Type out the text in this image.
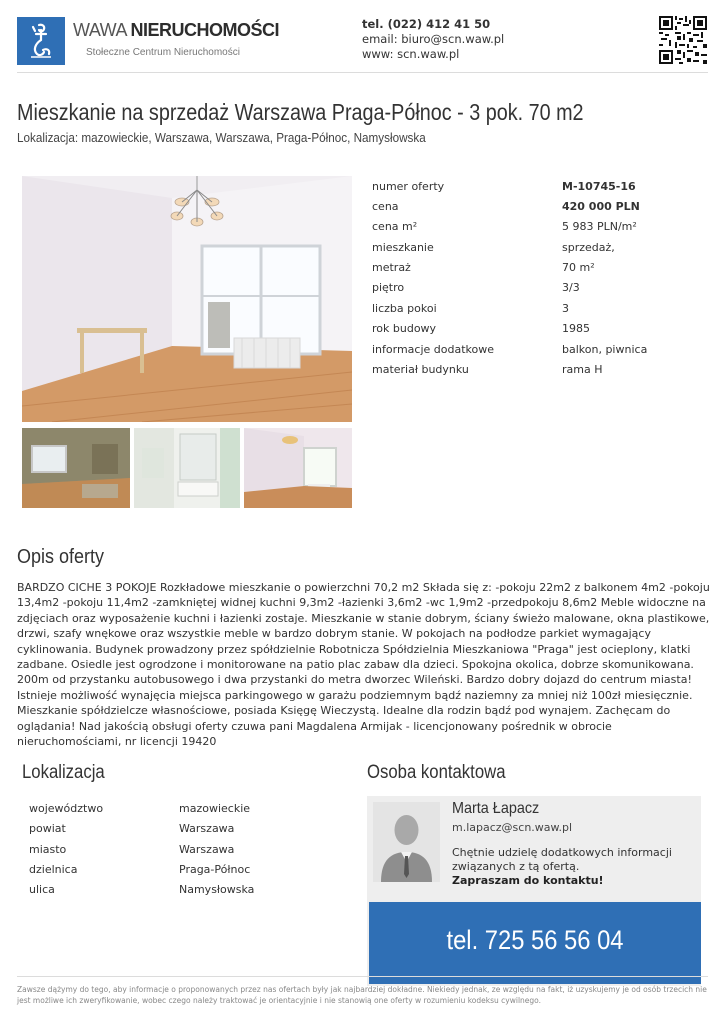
WAWA NIERUCHOMOŚCI
Stołeczne Centrum Nieruchomości
tel. (022) 412 41 50
email: biuro@scn.waw.pl
www: scn.waw.pl
Mieszkanie na sprzedaż Warszawa Praga-Północ - 3 pok. 70 m2
Lokalizacja: mazowieckie, Warszawa, Warszawa, Praga-Północ, Namysłowska
numer oferty	M-10745-16
cena	420 000 PLN
cena m²	5 983 PLN/m²
mieszkanie	sprzedaż,
metraż	70 m²
piętro	3/3
liczba pokoi	3
rok budowy	1985
informacje dodatkowe	balkon, piwnica
materiał budynku	rama H
Opis oferty
BARDZO CICHE 3 POKOJE Rozkładowe mieszkanie o powierzchni 70,2 m2 Składa się z: -pokoju 22m2 z balkonem 4m2 -pokoju 13,4m2 -pokoju 11,4m2 -zamkniętej widnej kuchni 9,3m2 -łazienki 3,6m2 -wc 1,9m2 -przedpokoju 8,6m2 Meble widoczne na zdjęciach oraz wyposażenie kuchni i łazienki zostaje. Mieszkanie w stanie dobrym, ściany świeżo malowane, okna plastikowe, drzwi, szafy wnękowe oraz wszystkie meble w bardzo dobrym stanie. W pokojach na podłodze parkiet wymagający cyklinowania. Budynek prowadzony przez spółdzielnie Robotnicza Spółdzielnia Mieszkaniowa "Praga" jest ocieplony, klatki zadbane. Osiedle jest ogrodzone i monitorowane na patio plac zabaw dla dzieci. Spokojna okolica, dobrze skomunikowana. 200m od przystanku autobusowego i dwa przystanki do metra dworzec Wileński. Bardzo dobry dojazd do centrum miasta! Istnieje możliwość wynajęcia miejsca parkingowego w garażu podziemnym bądź naziemny za mniej niż 100zł miesięcznie. Mieszkanie spółdzielcze własnościowe, posiada Księgę Wieczystą. Idealne dla rodzin bądź pod wynajem. Zachęcam do oglądania! Nad jakością obsługi oferty czuwa pani Magdalena Armijak - licencjonowany pośrednik w obrocie nieruchomościami, nr licencji 19420
Lokalizacja
województwo	mazowieckie
powiat	Warszawa
miasto	Warszawa
dzielnica	Praga-Północ
ulica	Namysłowska
Osoba kontaktowa
Marta Łapacz
m.lapacz@scn.waw.pl
Chętnie udzielę dodatkowych informacji związanych z tą ofertą.
Zapraszam do kontaktu!
tel. 725 56 56 04
Zawsze dążymy do tego, aby informacje o proponowanych przez nas ofertach były jak najbardziej dokładne. Niekiedy jednak, ze względu na fakt, iż uzyskujemy je od osób trzecich nie jest możliwe ich zweryfikowanie, wobec czego należy traktować je orientacyjnie i nie stanowią one oferty w rozumieniu kodeksu cywilnego.
